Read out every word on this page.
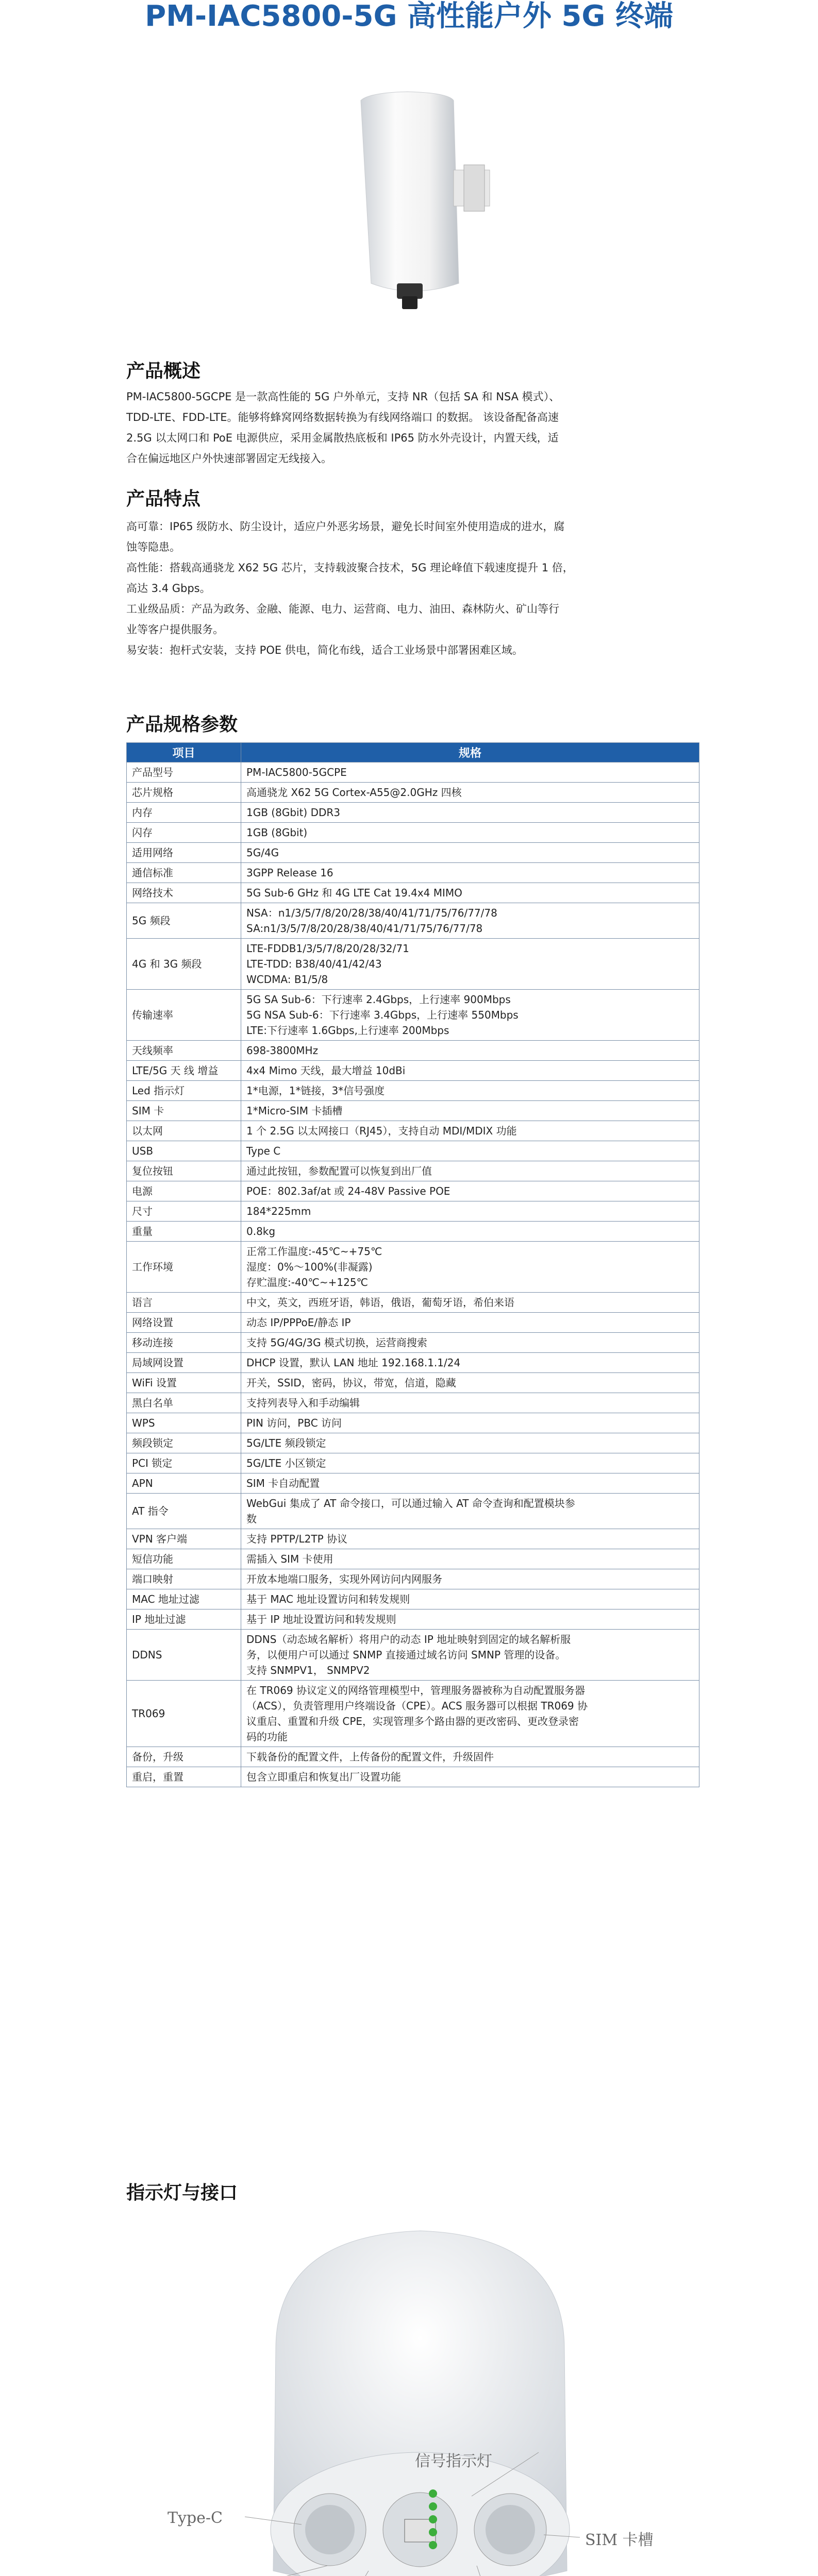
PM-IAC5800-5G 高性能户外 5G 终端
产品概述

PM-IAC5800-5GCPE 是一款高性能的 5G 户外单元，支持 NR（包括 SA 和 NSA 模式）、

TDD-LTE、FDD-LTE。能够将蜂窝网络数据转换为有线网络端口 的数据。 该设备配备高速

2.5G 以太网口和 PoE 电源供应，采用金属散热底板和 IP65 防水外壳设计，内置天线，适

合在偏远地区户外快速部署固定无线接入。

产品特点

高可靠：IP65 级防水、防尘设计，适应户外恶劣场景，避免长时间室外使用造成的进水，腐

蚀等隐患。

高性能：搭载高通骁龙 X62 5G 芯片，支持载波聚合技术，5G 理论峰值下载速度提升 1 倍，

高达 3.4 Gbps。

工业级品质：产品为政务、金融、能源、电力、运营商、电力、油田、森林防火、矿山等行

业等客户提供服务。

易安装：抱杆式安装，支持 POE 供电，简化布线，适合工业场景中部署困难区域。

产品规格参数
项目	规格
产品型号	PM-IAC5800-5GCPE

芯片规格	高通骁龙 X62 5G Cortex-A55@2.0GHz 四核

内存	1GB (8Gbit) DDR3

闪存	1GB (8Gbit)

适用网络	5G/4G

通信标准	3GPP Release 16

网络技术	5G Sub-6 GHz 和 4G LTE Cat 19.4x4 MIMO

5G 频段	NSA：n1/3/5/7/8/20/28/38/40/41/71/75/76/77/78
SA:n1/3/5/7/8/20/28/38/40/41/71/75/76/77/78

4G 和 3G 频段	LTE-FDDB1/3/5/7/8/20/28/32/71
LTE-TDD: B38/40/41/42/43
WCDMA: B1/5/8

传输速率	5G SA Sub-6：下行速率 2.4Gbps，上行速率 900Mbps
5G NSA Sub-6：下行速率 3.4Gbps，上行速率 550Mbps
LTE:下行速率 1.6Gbps,上行速率 200Mbps

天线频率	698-3800MHz

LTE/5G 天 线 增益	4x4 Mimo 天线，最大增益 10dBi

Led 指示灯	1*电源，1*链接，3*信号强度

SIM 卡	1*Micro-SIM 卡插槽

以太网	1 个 2.5G 以太网接口（RJ45），支持自动 MDI/MDIX 功能

USB	Type C

复位按钮	通过此按钮，参数配置可以恢复到出厂值

电源	POE：802.3af/at 或 24-48V Passive POE

尺寸	184*225mm

重量	0.8kg

工作环境	正常工作温度:-45℃~+75℃
湿度：0%～100%(非凝露)
存贮温度:-40℃~+125℃

语言	中文，英文，西班牙语，韩语，俄语，葡萄牙语，希伯来语

网络设置	动态 IP/PPPoE/静态 IP

移动连接	支持 5G/4G/3G 模式切换，运营商搜索

局域网设置	DHCP 设置，默认 LAN 地址 192.168.1.1/24

WiFi 设置	开关，SSID，密码，协议，带宽，信道，隐藏

黑白名单	支持列表导入和手动编辑

WPS	PIN 访问，PBC 访问

频段锁定	5G/LTE 频段锁定

PCI 锁定	5G/LTE 小区锁定

APN	SIM 卡自动配置

AT 指令	WebGui 集成了 AT 命令接口，可以通过输入 AT 命令查询和配置模块参
数

VPN 客户端	支持 PPTP/L2TP 协议

短信功能	需插入 SIM 卡使用

端口映射	开放本地端口服务，实现外网访问内网服务

MAC 地址过滤	基于 MAC 地址设置访问和转发规则

IP 地址过滤	基于 IP 地址设置访问和转发规则

DDNS	DDNS（动态域名解析）将用户的动态 IP 地址映射到固定的域名解析服
务，以便用户可以通过 SNMP 直接通过域名访问 SMNP 管理的设备。
支持 SNMPV1， SNMPV2

TR069	在 TR069 协议定义的网络管理模型中，管理服务器被称为自动配置服务器
（ACS），负责管理用户终端设备（CPE）。ACS 服务器可以根据 TR069 协
议重启、重置和升级 CPE，实现管理多个路由器的更改密码、更改登录密
码的功能

备份，升级	下载备份的配置文件，上传备份的配置文件，升级固件

重启，重置	包含立即重启和恢复出厂设置功能
指示灯与接口
信号指示灯
Type-C
SIM 卡槽
